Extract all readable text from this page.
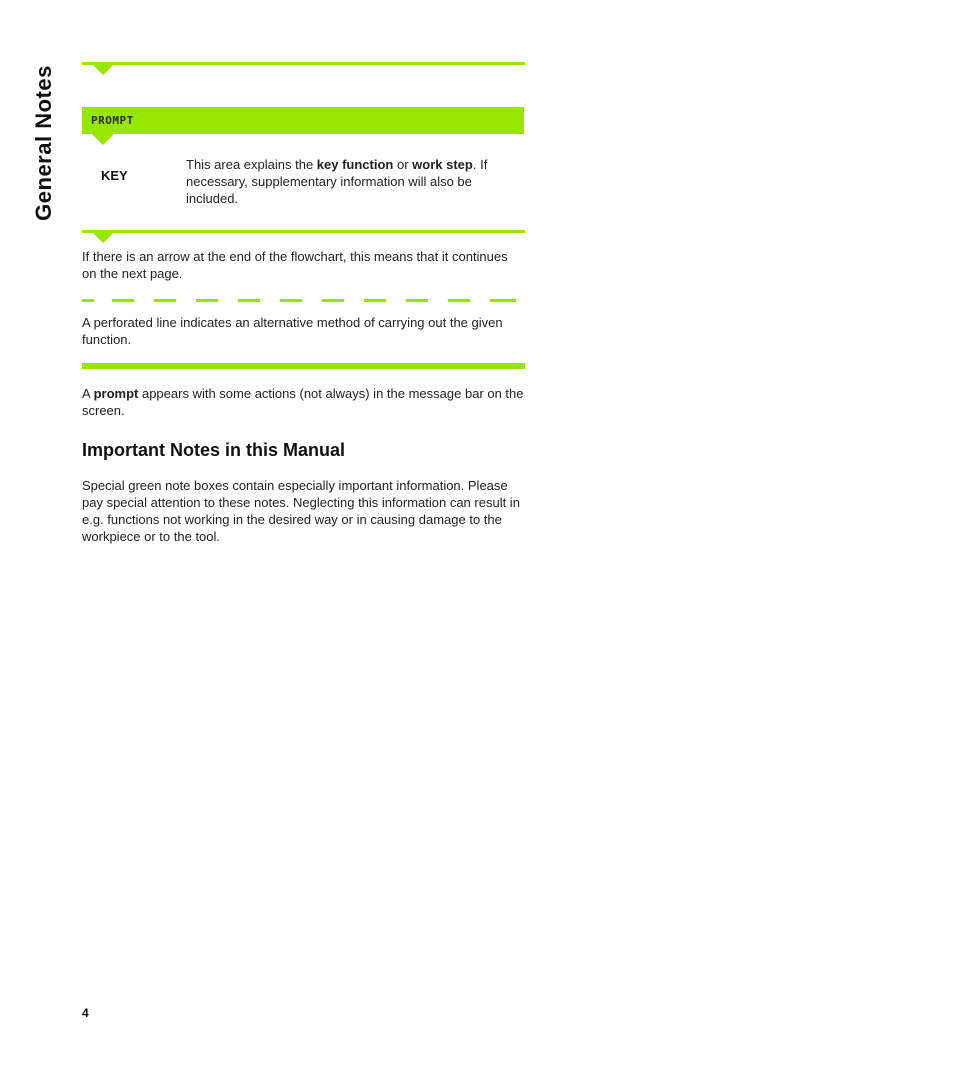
General Notes	PROMPT
KEY
This area explains the key function or work step. If necessary, supplementary information will also be included.
If there is an arrow at the end of the flowchart, this means that it continues on the next page.
A perforated line indicates an alternative method of carrying out the given function.
A prompt appears with some actions (not always) in the message bar on the screen.
Important Notes in this Manual
Special green note boxes contain especially important information. Please pay special attention to these notes. Neglecting this information can result in e.g. functions not working in the desired way or in causing damage to the workpiece or to the tool.
4
